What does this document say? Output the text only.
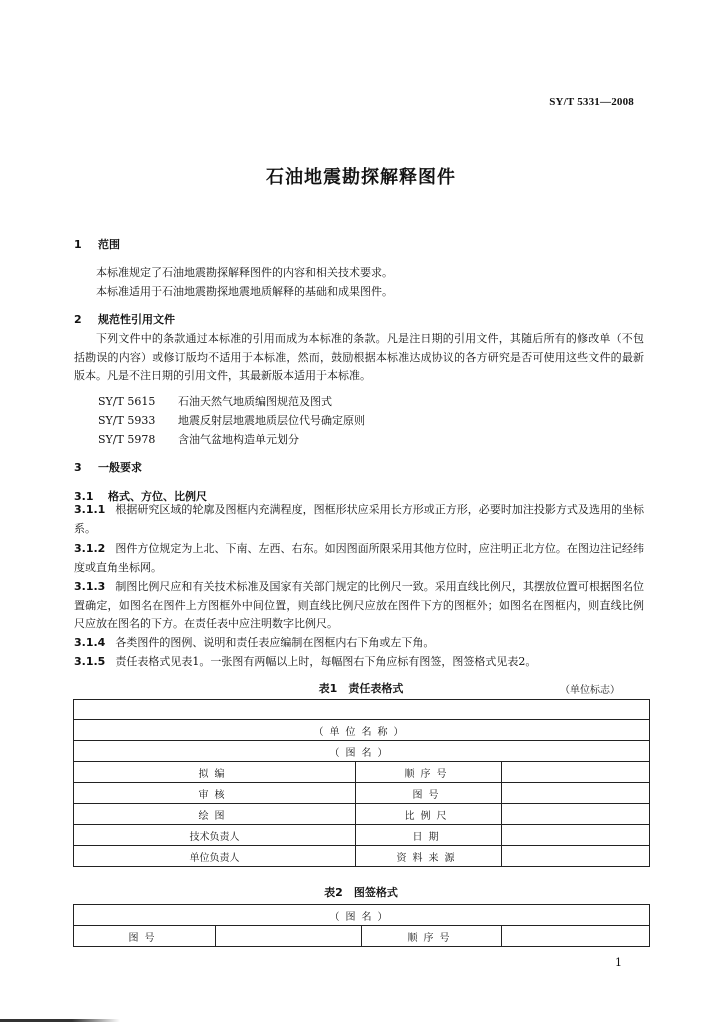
SY/T 5331—2008
石油地震勘探解释图件
1 范围
本标准规定了石油地震勘探解释图件的内容和相关技术要求。
本标准适用于石油地震勘探地震地质解释的基础和成果图件。
2 规范性引用文件
下列文件中的条款通过本标准的引用而成为本标准的条款。凡是注日期的引用文件，其随后所有的修改单（不包括勘误的内容）或修订版均不适用于本标准，然而，鼓励根据本标准达成协议的各方研究是否可使用这些文件的最新版本。凡是不注日期的引用文件，其最新版本适用于本标准。
SY/T 5615 石油天然气地质编图规范及图式
SY/T 5933 地震反射层地震地质层位代号确定原则
SY/T 5978 含油气盆地构造单元划分
3 一般要求
3.1 格式、方位、比例尺
3.1.1 根据研究区域的轮廓及图框内充满程度，图框形状应采用长方形或正方形，必要时加注投影方式及选用的坐标系。
3.1.2 图件方位规定为上北、下南、左西、右东。如因图面所限采用其他方位时，应注明正北方位。在图边注记经纬度或直角坐标网。
3.1.3 制图比例尺应和有关技术标准及国家有关部门规定的比例尺一致。采用直线比例尺，其摆放位置可根据图名位置确定，如图名在图件上方图框外中间位置，则直线比例尺应放在图件下方的图框外；如图名在图框内，则直线比例尺应放在图名的下方。在责任表中应注明数字比例尺。
3.1.4 各类图件的图例、说明和责任表应编制在图框内右下角或左下角。
3.1.5 责任表格式见表1。一张图有两幅以上时，每幅图右下角应标有图签，图签格式见表2。
表1　责任表格式	（单位标志）

（单位名称）		
（图名）		
拟编	顺序号	
审核	图号	
绘图	比例尺	
技术负责人	日期	
单位负责人	资料来源	
表2　图签格式
（图名）
图号		顺序号	
1
